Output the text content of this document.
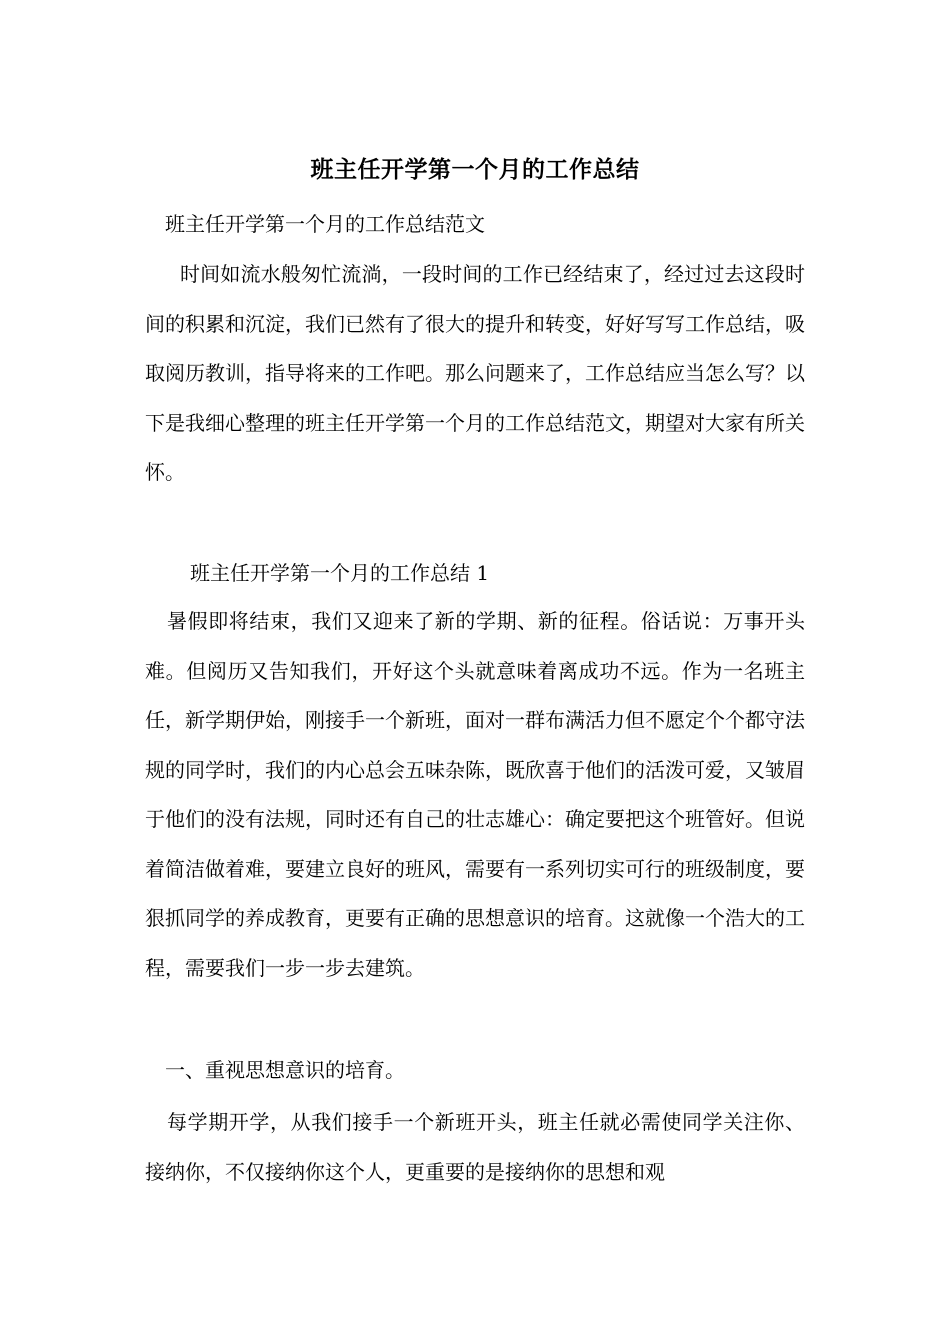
班主任开学第一个月的工作总结
班主任开学第一个月的工作总结范文
时间如流水般匆忙流淌，一段时间的工作已经结束了，经过过去这段时间的积累和沉淀，我们已然有了很大的提升和转变，好好写写工作总结，吸取阅历教训，指导将来的工作吧。那么问题来了，工作总结应当怎么写？以下是我细心整理的班主任开学第一个月的工作总结范文，期望对大家有所关怀。
班主任开学第一个月的工作总结 1
暑假即将结束，我们又迎来了新的学期、新的征程。俗话说：万事开头难。但阅历又告知我们，开好这个头就意味着离成功不远。作为一名班主任，新学期伊始，刚接手一个新班，面对一群布满活力但不愿定个个都守法规的同学时，我们的内心总会五味杂陈，既欣喜于他们的活泼可爱，又皱眉于他们的没有法规，同时还有自己的壮志雄心：确定要把这个班管好。但说着简洁做着难，要建立良好的班风，需要有一系列切实可行的班级制度，要狠抓同学的养成教育，更要有正确的思想意识的培育。这就像一个浩大的工程，需要我们一步一步去建筑。
一、重视思想意识的培育。
每学期开学，从我们接手一个新班开头，班主任就必需使同学关注你、接纳你，不仅接纳你这个人，更重要的是接纳你的思想和观
